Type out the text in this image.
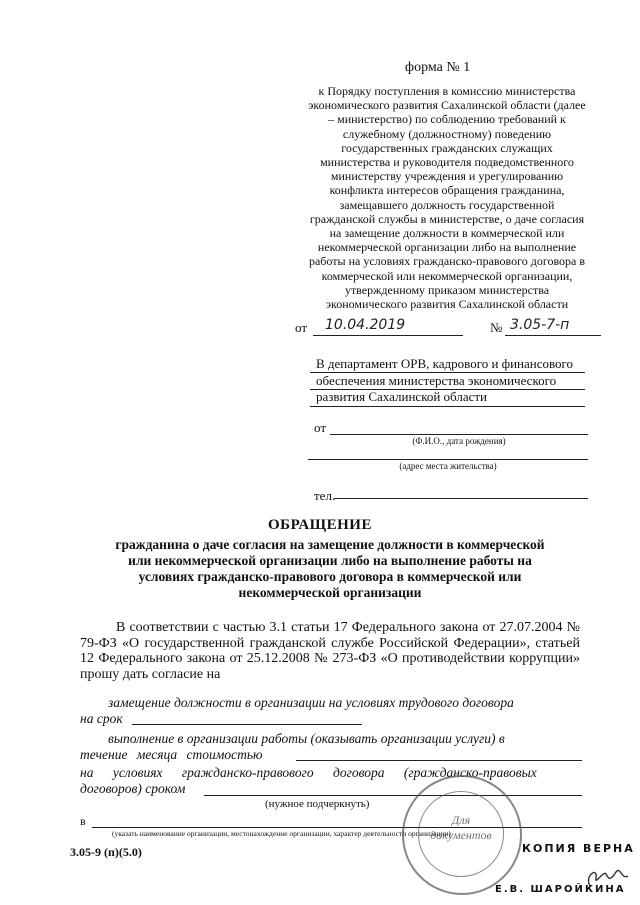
форма № 1
к Порядку поступления в комиссию министерства
экономического развития Сахалинской области (далее
– министерство) по соблюдению требований к
служебному (должностному) поведению
государственных гражданских служащих
министерства и руководителя подведомственного
министерству учреждения и урегулированию
конфликта интересов обращения гражданина,
замещавшего должность государственной
гражданской службы в министерстве, о даче согласия
на замещение должности в коммерческой или
некоммерческой организации либо на выполнение
работы на условиях гражданско-правового договора в
коммерческой или некоммерческой организации,
утвержденному приказом министерства
экономического развития Сахалинской области
от 10.04.2019	№ 3.05-7-п
В департамент ОРВ, кадрового и финансового
обеспечения министерства экономического
развития Сахалинской области
от
(Ф.И.О., дата рождения)
(адрес места жительства)
тел.
ОБРАЩЕНИЕ
гражданина о даче согласия на замещение должности в коммерческой
или некоммерческой организации либо на выполнение работы на
условиях гражданско-правового договора в коммерческой или
некоммерческой организации
В соответствии с частью 3.1 статьи 17 Федерального закона от 27.07.2004 № 79-ФЗ «О государственной гражданской службе Российской Федерации», статьей 12 Федерального закона от 25.12.2008 № 273-ФЗ «О противодействии коррупции» прошу дать согласие на
замещение должности в организации на условиях трудового договора
на срок
выполнение в организации работы (оказывать организации услуги) в
течение месяца стоимостью
на условиях гражданско-правового договора (гражданско-правовых
договоров) сроком
(нужное подчеркнуть)
в
(указать наименование организации, местонахождение организации, характер деятельности организации)
3.05-9 (п)(5.0)
Для документов
КОПИЯ ВЕРНА
Е.В. ШАРОЙКИНА
